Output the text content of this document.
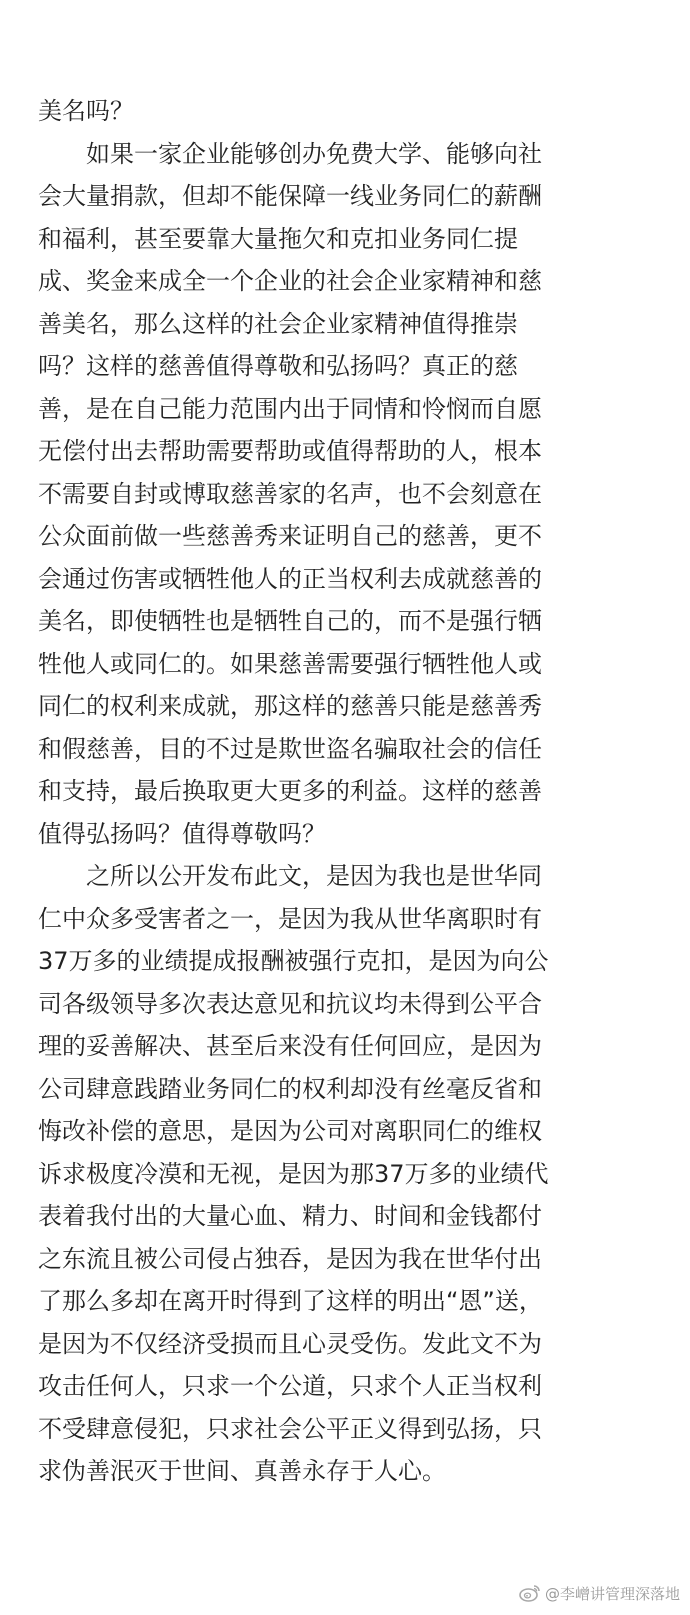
美名吗？
　　如果一家企业能够创办免费大学、能够向社
会大量捐款，但却不能保障一线业务同仁的薪酬
和福利，甚至要靠大量拖欠和克扣业务同仁提
成、奖金来成全一个企业的社会企业家精神和慈
善美名，那么这样的社会企业家精神值得推崇
吗？这样的慈善值得尊敬和弘扬吗？真正的慈
善，是在自己能力范围内出于同情和怜悯而自愿
无偿付出去帮助需要帮助或值得帮助的人，根本
不需要自封或博取慈善家的名声，也不会刻意在
公众面前做一些慈善秀来证明自己的慈善，更不
会通过伤害或牺牲他人的正当权利去成就慈善的
美名，即使牺牲也是牺牲自己的，而不是强行牺
牲他人或同仁的。如果慈善需要强行牺牲他人或
同仁的权利来成就，那这样的慈善只能是慈善秀
和假慈善，目的不过是欺世盗名骗取社会的信任
和支持，最后换取更大更多的利益。这样的慈善
值得弘扬吗？值得尊敬吗？
　　之所以公开发布此文，是因为我也是世华同
仁中众多受害者之一，是因为我从世华离职时有
37万多的业绩提成报酬被强行克扣，是因为向公
司各级领导多次表达意见和抗议均未得到公平合
理的妥善解决、甚至后来没有任何回应，是因为
公司肆意践踏业务同仁的权利却没有丝毫反省和
悔改补偿的意思，是因为公司对离职同仁的维权
诉求极度冷漠和无视，是因为那37万多的业绩代
表着我付出的大量心血、精力、时间和金钱都付
之东流且被公司侵占独吞，是因为我在世华付出
了那么多却在离开时得到了这样的明出“恩”送，
是因为不仅经济受损而且心灵受伤。发此文不为
攻击任何人，只求一个公道，只求个人正当权利
不受肆意侵犯，只求社会公平正义得到弘扬，只
求伪善泯灭于世间、真善永存于人心。
@李嶒讲管理深落地
